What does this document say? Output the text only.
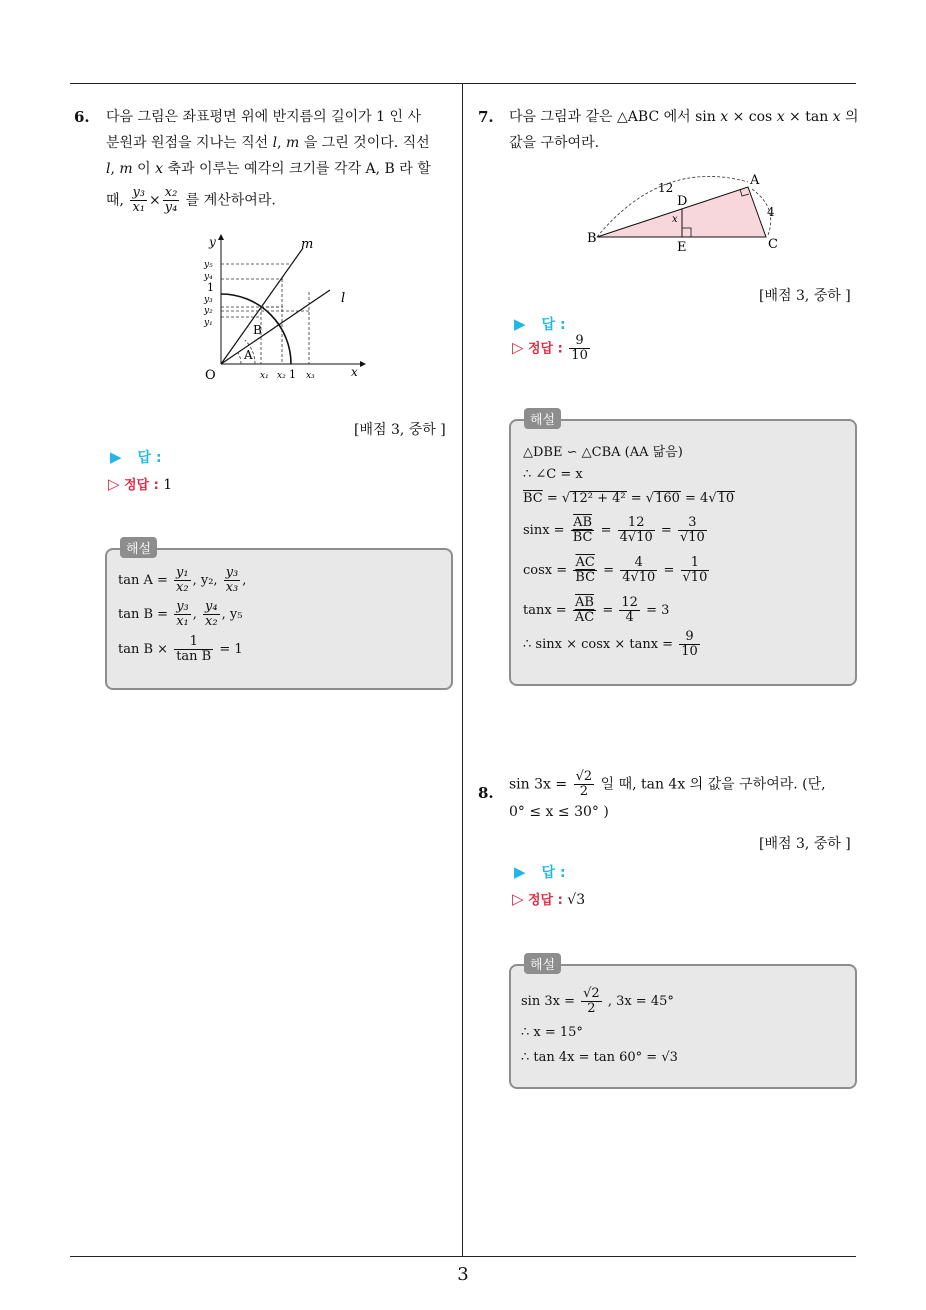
3
6. 다음 그림은 좌표평면 위에 반지름의 길이가 1 인 사
분원과 원점을 지나는 직선 l, m 을 그린 것이다. 직선
l, m 이 x 축과 이루는 예각의 크기를 각각 A, B 라 할
때, $\frac{\text{y₃}}{\text{x₁}} \times \frac{\text{x₂}}{\text{y₄}}$ 를 계산하여라.
y
x
O
m
l
A
B
y₅
y₄
1
y₃
y₂
y₁
x₁ x₂ 1 x₃
[배점 3, 중하 ]
▶ 답 :
▷ 정답 : 1
해설
$\tan A = \frac{\text{y₁}}{\text{x₂}}$ , y₂, $\frac{\text{y₃}}{\text{x₃}}$ ,
$\tan B = \frac{\text{y₃}}{\text{x₁}}$ , $\frac{\text{y₄}}{\text{x₂}}$ , y₅
$\tan B \times \frac{1}{\text{tan B}} = 1$
7. 다음 그림과 같은 △ABC 에서 sin x × cos x × tan x 의
값을 구하여라.
A
B	C
D
E
12
4
x
[배점 3, 중하 ]
▶ 답 :
▷ 정답 : $\frac{9}{10}$
해설
△DBE ∽ △CBA (AA 닮음)
∴ ∠C = x
$\overline{BC} = √12^2 + 4^2 = √160 = 4√10$
$\sin x = \frac{\overline{AB}}{BC} = \frac{12}{4√10} = \frac{3}{√10}$
$\cos x = \frac{\overline{AC}}{BC} = \frac{4}{4√10} = \frac{1}{√10}$
$\tan x = \frac{\overline{AB}}{AC} = \frac{12}{4} = 3$
∴ $\sin x \times \cos x \times \tan x = \frac{9}{10}$
8. $\sin 3x = \frac{√2}{2}$ 일 때, tan 4x 의 값을 구하여라. (단,
0° ≤ x ≤ 30° )
[배점 3, 중하 ]
▶ 답 :
▷ 정답 : √3
해설
$\sin 3x = \frac{√2}{2}$ , 3x = 45°
∴ x = 15°
∴ tan 4x = tan 60° = √3
